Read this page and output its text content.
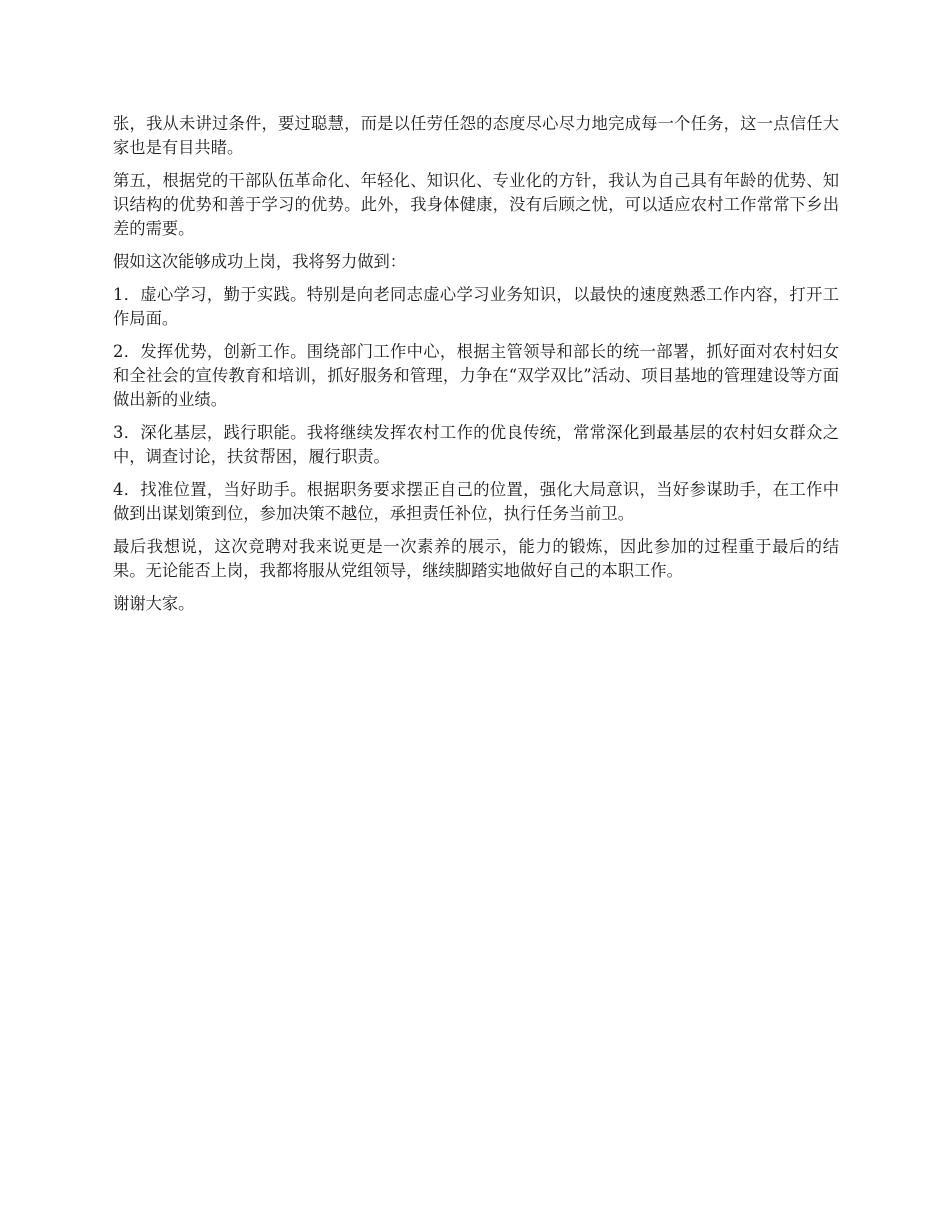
张，我从未讲过条件，要过聪慧，而是以任劳任怨的态度尽心尽力地完成每一个任务，这一点信任大家也是有目共睹。

第五，根据党的干部队伍革命化、年轻化、知识化、专业化的方针，我认为自己具有年龄的优势、知识结构的优势和善于学习的优势。此外，我身体健康，没有后顾之忧，可以适应农村工作常常下乡出差的需要。

假如这次能够成功上岗，我将努力做到：

1．虚心学习，勤于实践。特别是向老同志虚心学习业务知识，以最快的速度熟悉工作内容，打开工作局面。

2．发挥优势，创新工作。围绕部门工作中心，根据主管领导和部长的统一部署，抓好面对农村妇女和全社会的宣传教育和培训，抓好服务和管理，力争在“双学双比”活动、项目基地的管理建设等方面做出新的业绩。

3．深化基层，践行职能。我将继续发挥农村工作的优良传统，常常深化到最基层的农村妇女群众之中，调查讨论，扶贫帮困，履行职责。

4．找准位置，当好助手。根据职务要求摆正自己的位置，强化大局意识，当好参谋助手，在工作中做到出谋划策到位，参加决策不越位，承担责任补位，执行任务当前卫。

最后我想说，这次竞聘对我来说更是一次素养的展示，能力的锻炼，因此参加的过程重于最后的结果。无论能否上岗，我都将服从党组领导，继续脚踏实地做好自己的本职工作。

谢谢大家。
